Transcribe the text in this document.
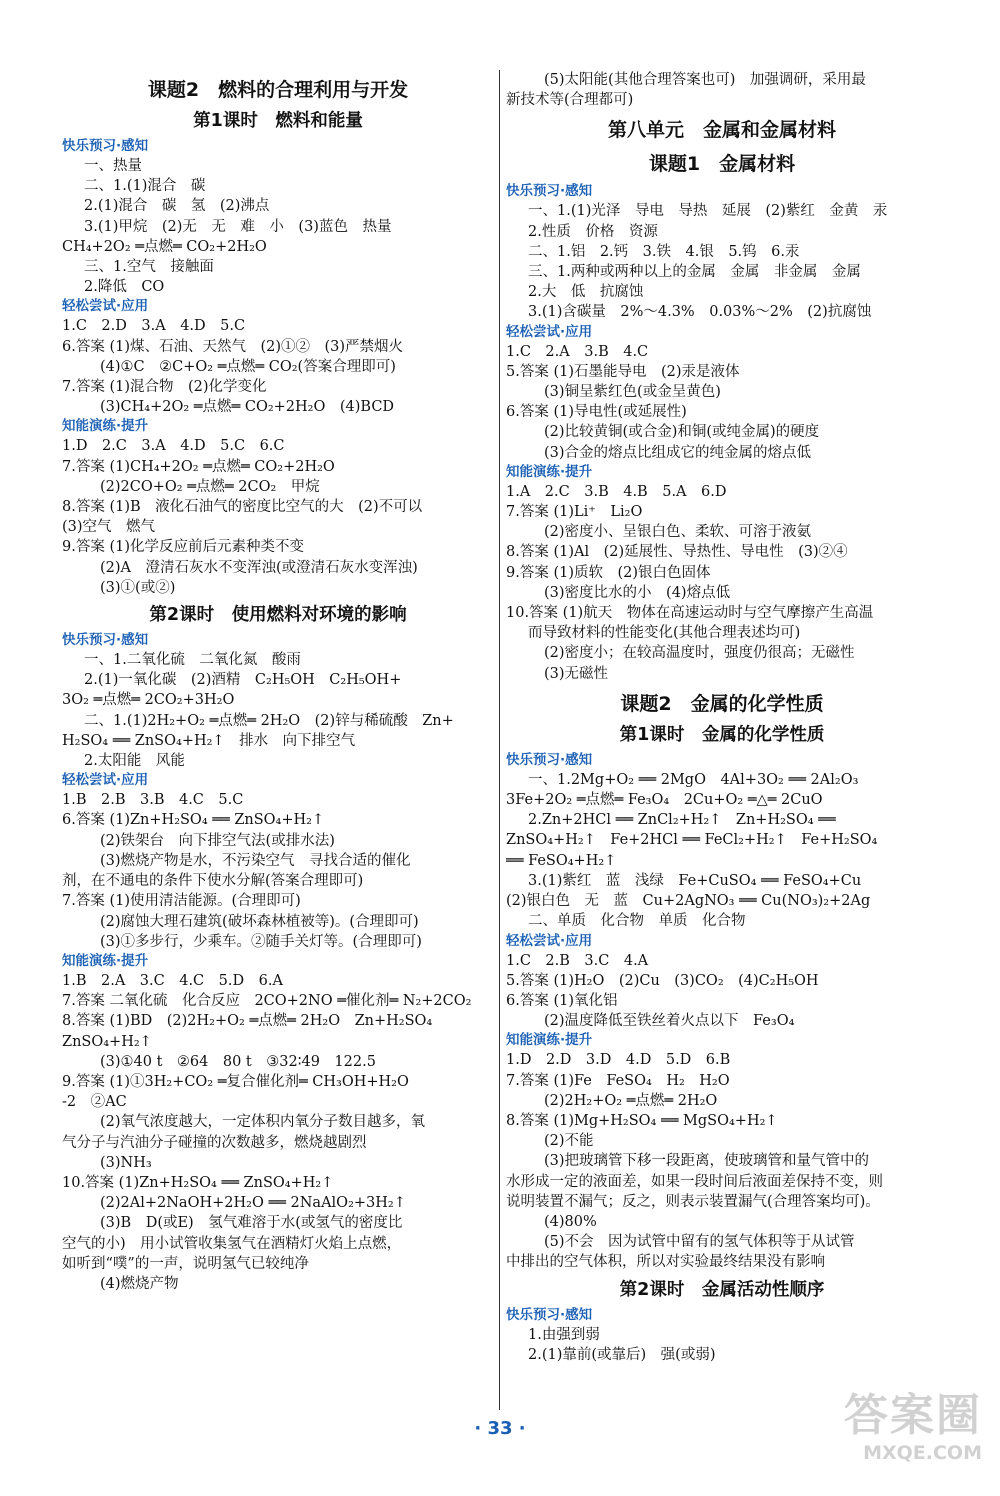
课题2　燃料的合理利用与开发
第1课时　燃料和能量
快乐预习·感知
一、热量
二、1.(1)混合　碳
2.(1)混合　碳　氢　(2)沸点
3.(1)甲烷　(2)无　无　难　小　(3)蓝色　热量
CH₄+2O₂ ═点燃═ CO₂+2H₂O
三、1.空气　接触面
2.降低　CO
轻松尝试·应用
1.C　2.D　3.A　4.D　5.C
6.答案 (1)煤、石油、天然气　(2)①②　(3)严禁烟火
(4)①C　②C+O₂ ═点燃═ CO₂(答案合理即可)
7.答案 (1)混合物　(2)化学变化
(3)CH₄+2O₂ ═点燃═ CO₂+2H₂O　(4)BCD
知能演练·提升
1.D　2.C　3.A　4.D　5.C　6.C
7.答案 (1)CH₄+2O₂ ═点燃═ CO₂+2H₂O
(2)2CO+O₂ ═点燃═ 2CO₂　甲烷
8.答案 (1)B　液化石油气的密度比空气的大　(2)不可以
(3)空气　燃气
9.答案 (1)化学反应前后元素种类不变
(2)A　澄清石灰水不变浑浊(或澄清石灰水变浑浊)
(3)①(或②)
第2课时　使用燃料对环境的影响
快乐预习·感知
一、1.二氧化硫　二氧化氮　酸雨
2.(1)一氧化碳　(2)酒精　C₂H₅OH　C₂H₅OH+
3O₂ ═点燃═ 2CO₂+3H₂O
二、1.(1)2H₂+O₂ ═点燃═ 2H₂O　(2)锌与稀硫酸　Zn+
H₂SO₄ ══ ZnSO₄+H₂↑　排水　向下排空气
2.太阳能　风能
轻松尝试·应用
1.B　2.B　3.B　4.C　5.C
6.答案 (1)Zn+H₂SO₄ ══ ZnSO₄+H₂↑
(2)铁架台　向下排空气法(或排水法)
(3)燃烧产物是水，不污染空气　寻找合适的催化
剂，在不通电的条件下使水分解(答案合理即可)
7.答案 (1)使用清洁能源。(合理即可)
(2)腐蚀大理石建筑(破坏森林植被等)。(合理即可)
(3)①多步行，少乘车。②随手关灯等。(合理即可)
知能演练·提升
1.B　2.A　3.C　4.C　5.D　6.A
7.答案 二氧化硫　化合反应　2CO+2NO ═催化剂═ N₂+2CO₂
8.答案 (1)BD　(2)2H₂+O₂ ═点燃═ 2H₂O　Zn+H₂SO₄
ZnSO₄+H₂↑
(3)①40 t　②64　80 t　③32∶49　122.5
9.答案 (1)①3H₂+CO₂ ═复合催化剂═ CH₃OH+H₂O
-2　②AC
(2)氧气浓度越大，一定体积内氧分子数目越多，氧
气分子与汽油分子碰撞的次数越多，燃烧越剧烈
(3)NH₃
10.答案 (1)Zn+H₂SO₄ ══ ZnSO₄+H₂↑
(2)2Al+2NaOH+2H₂O ══ 2NaAlO₂+3H₂↑
(3)B　D(或E)　氢气难溶于水(或氢气的密度比
空气的小)　用小试管收集氢气在酒精灯火焰上点燃，
如听到“噗”的一声，说明氢气已较纯净
(4)燃烧产物
(5)太阳能(其他合理答案也可)　加强调研，采用最
新技术等(合理都可)
第八单元　金属和金属材料
课题1　金属材料
快乐预习·感知
一、1.(1)光泽　导电　导热　延展　(2)紫红　金黄　汞
2.性质　价格　资源
二、1.铝　2.钙　3.铁　4.银　5.钨　6.汞
三、1.两种或两种以上的金属　金属　非金属　金属
2.大　低　抗腐蚀
3.(1)含碳量　2%～4.3%　0.03%～2%　(2)抗腐蚀
轻松尝试·应用
1.C　2.A　3.B　4.C
5.答案 (1)石墨能导电　(2)汞是液体
(3)铜呈紫红色(或金呈黄色)
6.答案 (1)导电性(或延展性)
(2)比较黄铜(或合金)和铜(或纯金属)的硬度
(3)合金的熔点比组成它的纯金属的熔点低
知能演练·提升
1.A　2.C　3.B　4.B　5.A　6.D
7.答案 (1)Li⁺　Li₂O
(2)密度小、呈银白色、柔软、可溶于液氨
8.答案 (1)Al　(2)延展性、导热性、导电性　(3)②④
9.答案 (1)质软　(2)银白色固体
(3)密度比水的小　(4)熔点低
10.答案 (1)航天　物体在高速运动时与空气摩擦产生高温
而导致材料的性能变化(其他合理表述均可)
(2)密度小；在较高温度时，强度仍很高；无磁性
(3)无磁性
课题2　金属的化学性质
第1课时　金属的化学性质
快乐预习·感知
一、1.2Mg+O₂ ══ 2MgO　4Al+3O₂ ══ 2Al₂O₃
3Fe+2O₂ ═点燃═ Fe₃O₄　2Cu+O₂ ═△═ 2CuO
2.Zn+2HCl ══ ZnCl₂+H₂↑　Zn+H₂SO₄ ══
ZnSO₄+H₂↑　Fe+2HCl ══ FeCl₂+H₂↑　Fe+H₂SO₄
══ FeSO₄+H₂↑
3.(1)紫红　蓝　浅绿　Fe+CuSO₄ ══ FeSO₄+Cu
(2)银白色　无　蓝　Cu+2AgNO₃ ══ Cu(NO₃)₂+2Ag
二、单质　化合物　单质　化合物
轻松尝试·应用
1.C　2.B　3.C　4.A
5.答案 (1)H₂O　(2)Cu　(3)CO₂　(4)C₂H₅OH
6.答案 (1)氧化铝
(2)温度降低至铁丝着火点以下　Fe₃O₄
知能演练·提升
1.D　2.D　3.D　4.D　5.D　6.B
7.答案 (1)Fe　FeSO₄　H₂　H₂O
(2)2H₂+O₂ ═点燃═ 2H₂O
8.答案 (1)Mg+H₂SO₄ ══ MgSO₄+H₂↑
(2)不能
(3)把玻璃管下移一段距离，使玻璃管和量气管中的
水形成一定的液面差，如果一段时间后液面差保持不变，则
说明装置不漏气；反之，则表示装置漏气(合理答案均可)。
(4)80%
(5)不会　因为试管中留有的氢气体积等于从试管
中排出的空气体积，所以对实验最终结果没有影响
第2课时　金属活动性顺序
快乐预习·感知
1.由强到弱
2.(1)靠前(或靠后)　强(或弱)
· 33 ·	答案圈
MXQE.COM
